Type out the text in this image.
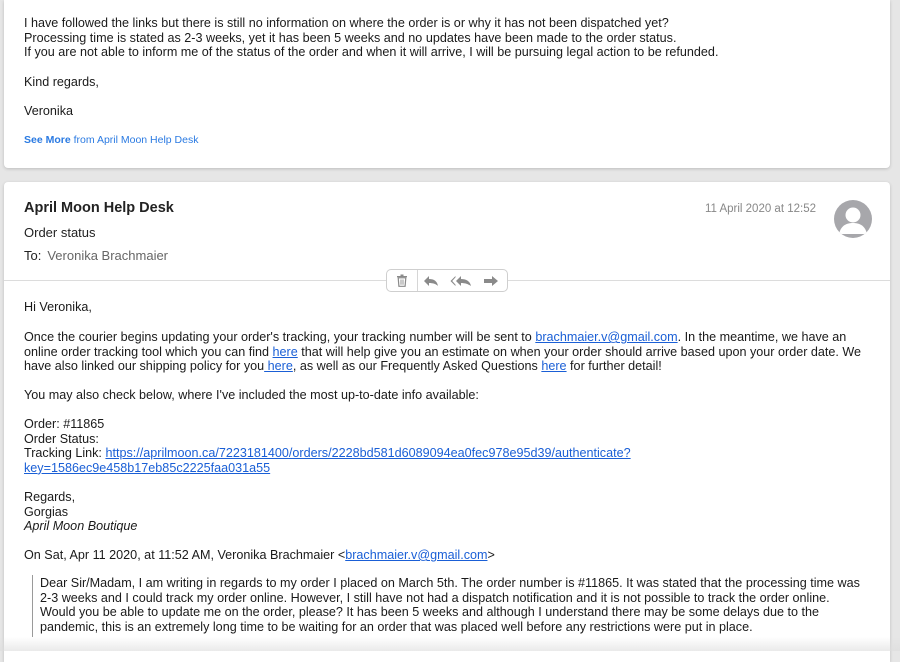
I have followed the links but there is still no information on where the order is or why it has not been dispatched yet?
Processing time is stated as 2-3 weeks, yet it has been 5 weeks and no updates have been made to the order status.
If you are not able to inform me of the status of the order and when it will arrive, I will be pursuing legal action to be refunded.
Kind regards,
Veronika
See More from April Moon Help Desk
April Moon Help Desk
Order status
To: Veronika Brachmaier
11 April 2020 at 12:52
Hi Veronika,
Once the courier begins updating your order's tracking, your tracking number will be sent to brachmaier.v@gmail.com. In the meantime, we have an
online order tracking tool which you can find here that will help give you an estimate on when your order should arrive based upon your order date. We
have also linked our shipping policy for you here, as well as our Frequently Asked Questions here for further detail!
You may also check below, where I've included the most up-to-date info available:
Order: #11865
Order Status:
Tracking Link: https://aprilmoon.ca/7223181400/orders/2228bd581d6089094ea0fec978e95d39/authenticate?
key=1586ec9e458b17eb85c2225faa031a55
Regards,
Gorgias
April Moon Boutique
On Sat, Apr 11 2020, at 11:52 AM, Veronika Brachmaier <brachmaier.v@gmail.com>
Dear Sir/Madam, I am writing in regards to my order I placed on March 5th. The order number is #11865. It was stated that the processing time was
2-3 weeks and I could track my order online. However, I still have not had a dispatch notification and it is not possible to track the order online.
Would you be able to update me on the order, please? It has been 5 weeks and although I understand there may be some delays due to the
pandemic, this is an extremely long time to be waiting for an order that was placed well before any restrictions were put in place.
